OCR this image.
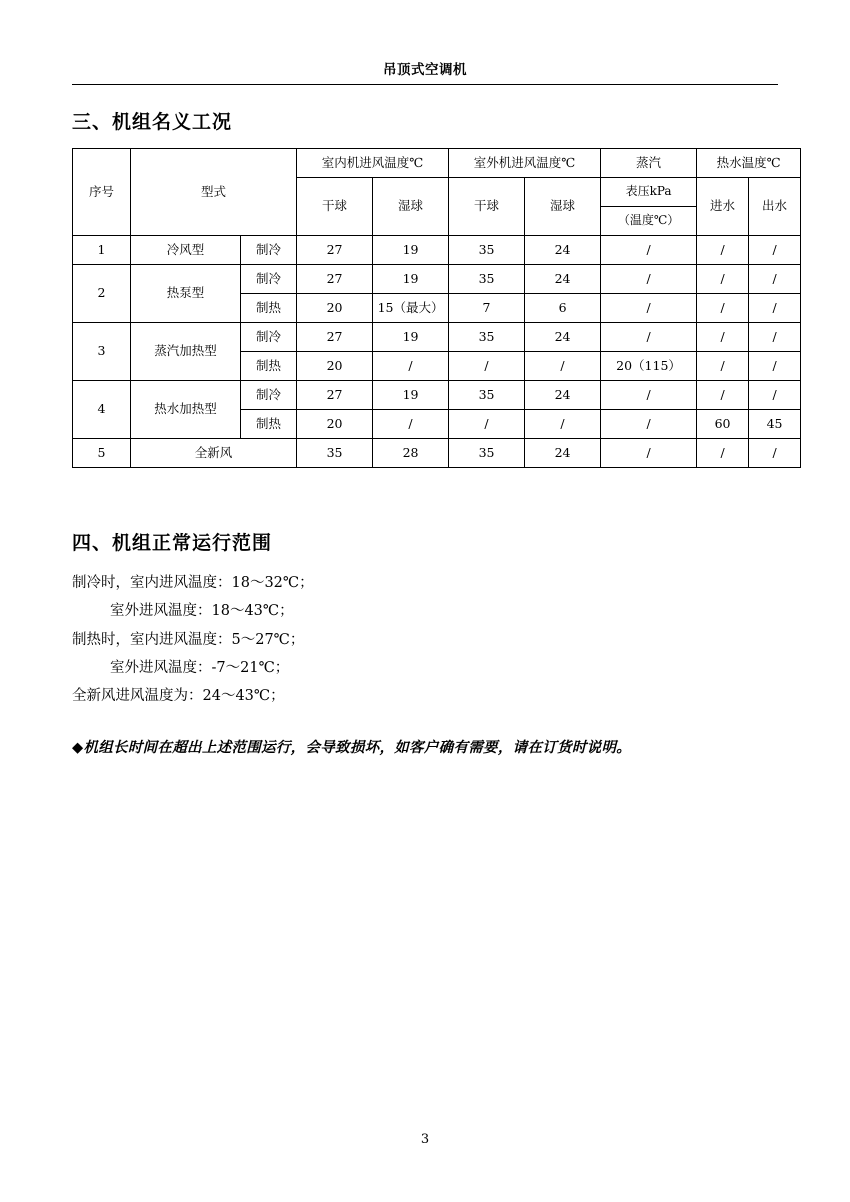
吊顶式空调机
三、机组名义工况
序号	型式		室内机进风温度℃		室外机进风温度℃		蒸汽	热水温度℃	
			干球	湿球	干球	湿球	表压kPa	进水	出水
							（温度℃）		
1	冷风型	制冷	27	19	35	24	/	/	/
2	热泵型	制冷	27	19	35	24	/	/	/
		制热	20	15（最大）	7	6	/	/	/
3	蒸汽加热型	制冷	27	19	35	24	/	/	/
		制热	20	/	/	/	20（115）	/	/
4	热水加热型	制冷	27	19	35	24	/	/	/
		制热	20	/	/	/	/	60	45
5	全新风		35	28	35	24	/	/	/
四、机组正常运行范围
制冷时，室内进风温度：18～32℃；
室外进风温度：18～43℃；
制热时，室内进风温度：5～27℃；
室外进风温度：-7～21℃；
全新风进风温度为：24～43℃；
◆机组长时间在超出上述范围运行，会导致损坏，如客户确有需要，请在订货时说明。
3
